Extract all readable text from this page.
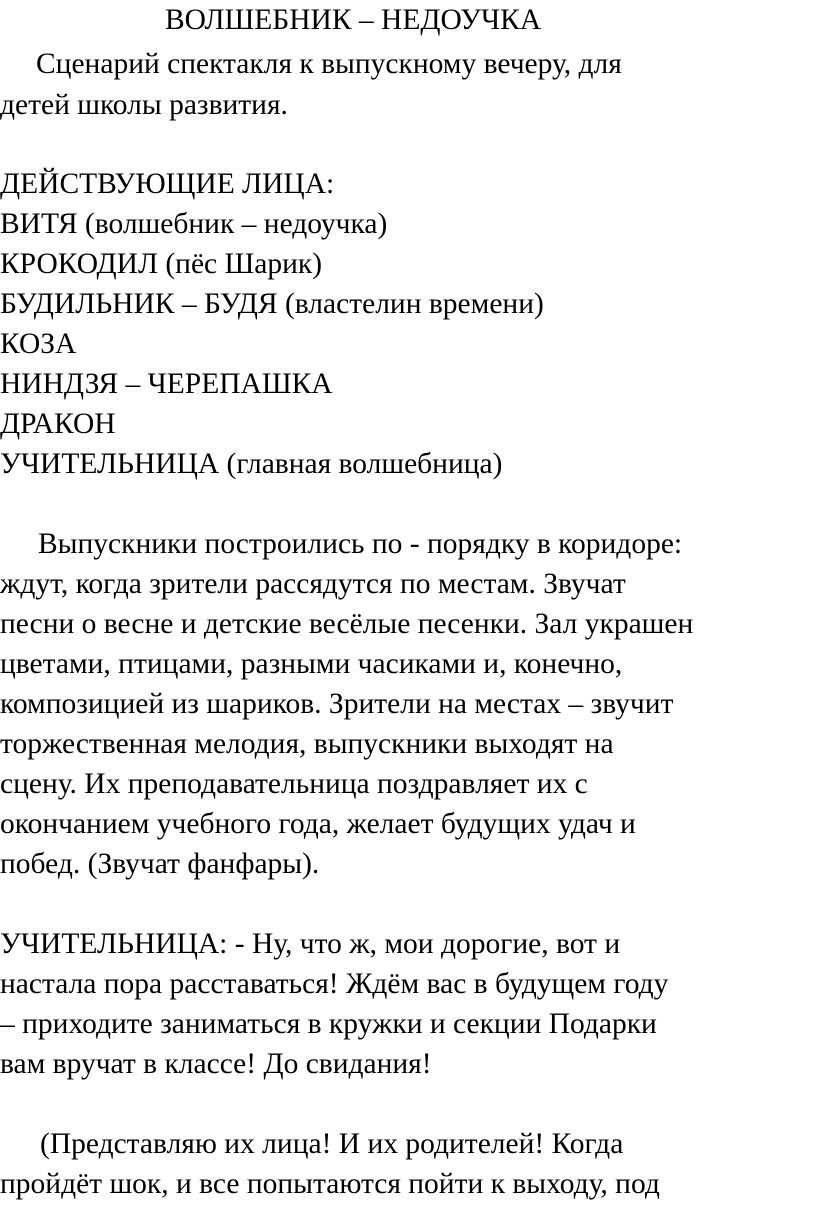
ВОЛШЕБНИК – НЕДОУЧКА
Сценарий спектакля к выпускному вечеру, для
детей школы развития.
ДЕЙСТВУЮЩИЕ ЛИЦА:
ВИТЯ (волшебник – недоучка)
КРОКОДИЛ (пёс Шарик)
БУДИЛЬНИК – БУДЯ (властелин времени)
КОЗА
НИНДЗЯ – ЧЕРЕПАШКА
ДРАКОН
УЧИТЕЛЬНИЦА (главная волшебница)
Выпускники построились по - порядку в коридоре:
ждут, когда зрители рассядутся по местам. Звучат
песни о весне и детские весёлые песенки. Зал украшен
цветами, птицами, разными часиками и, конечно,
композицией из шариков. Зрители на местах – звучит
торжественная мелодия, выпускники выходят на
сцену. Их преподавательница поздравляет их с
окончанием учебного года, желает будущих удач и
побед. (Звучат фанфары).
УЧИТЕЛЬНИЦА: - Ну, что ж, мои дорогие, вот и
настала пора расставаться! Ждём вас в будущем году
– приходите заниматься в кружки и секции Подарки
вам вручат в классе! До свидания!
(Представляю их лица! И их родителей! Когда
пройдёт шок, и все попытаются пойти к выходу, под
